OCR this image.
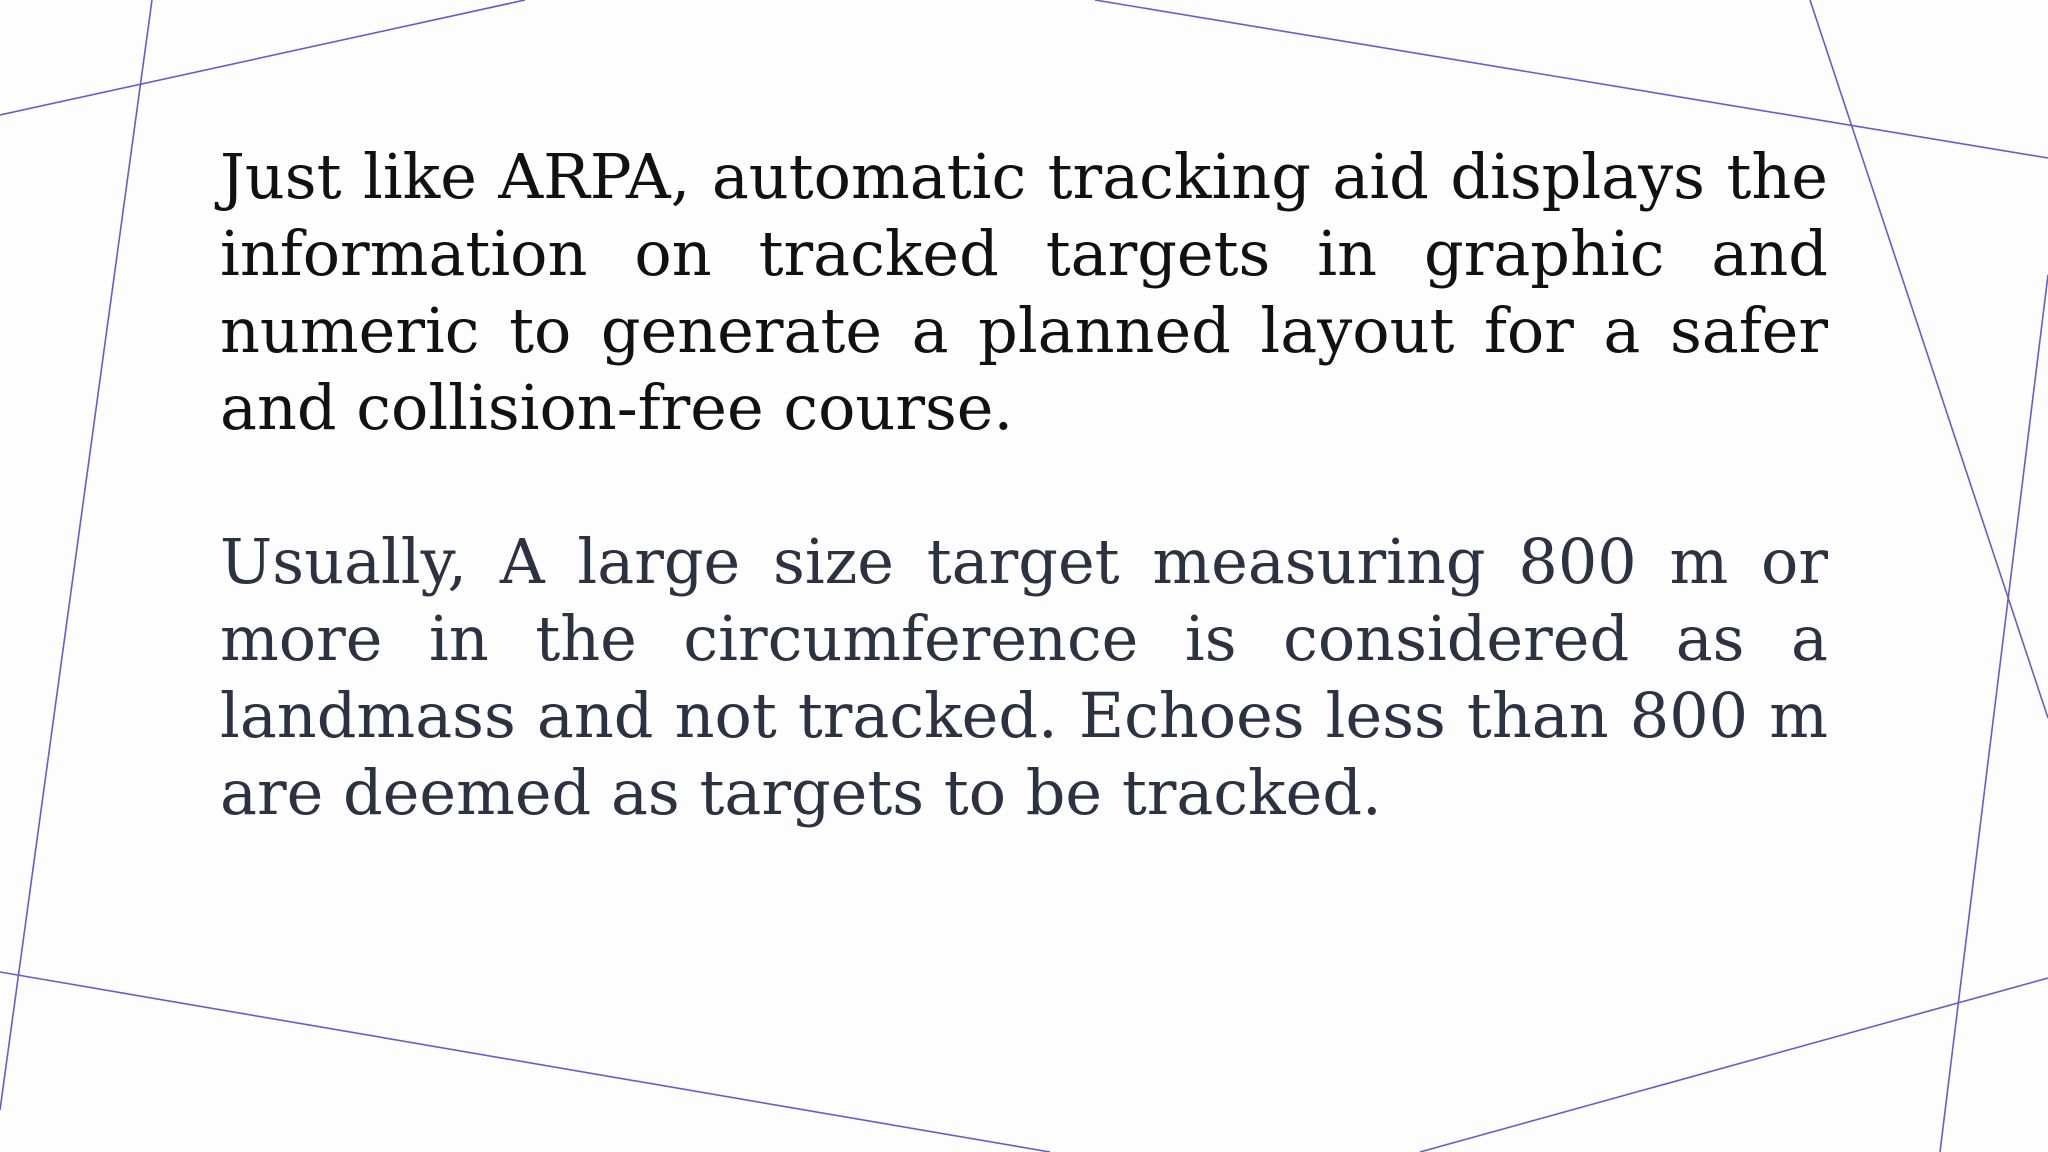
Just like ARPA, automatic tracking aid displays the information on tracked targets in graphic and numeric to generate a planned layout for a safer and collision-free course.

Usually, A large size target measuring 800 m or more in the circumference is considered as a landmass and not tracked. Echoes less than 800 m are deemed as targets to be tracked.
